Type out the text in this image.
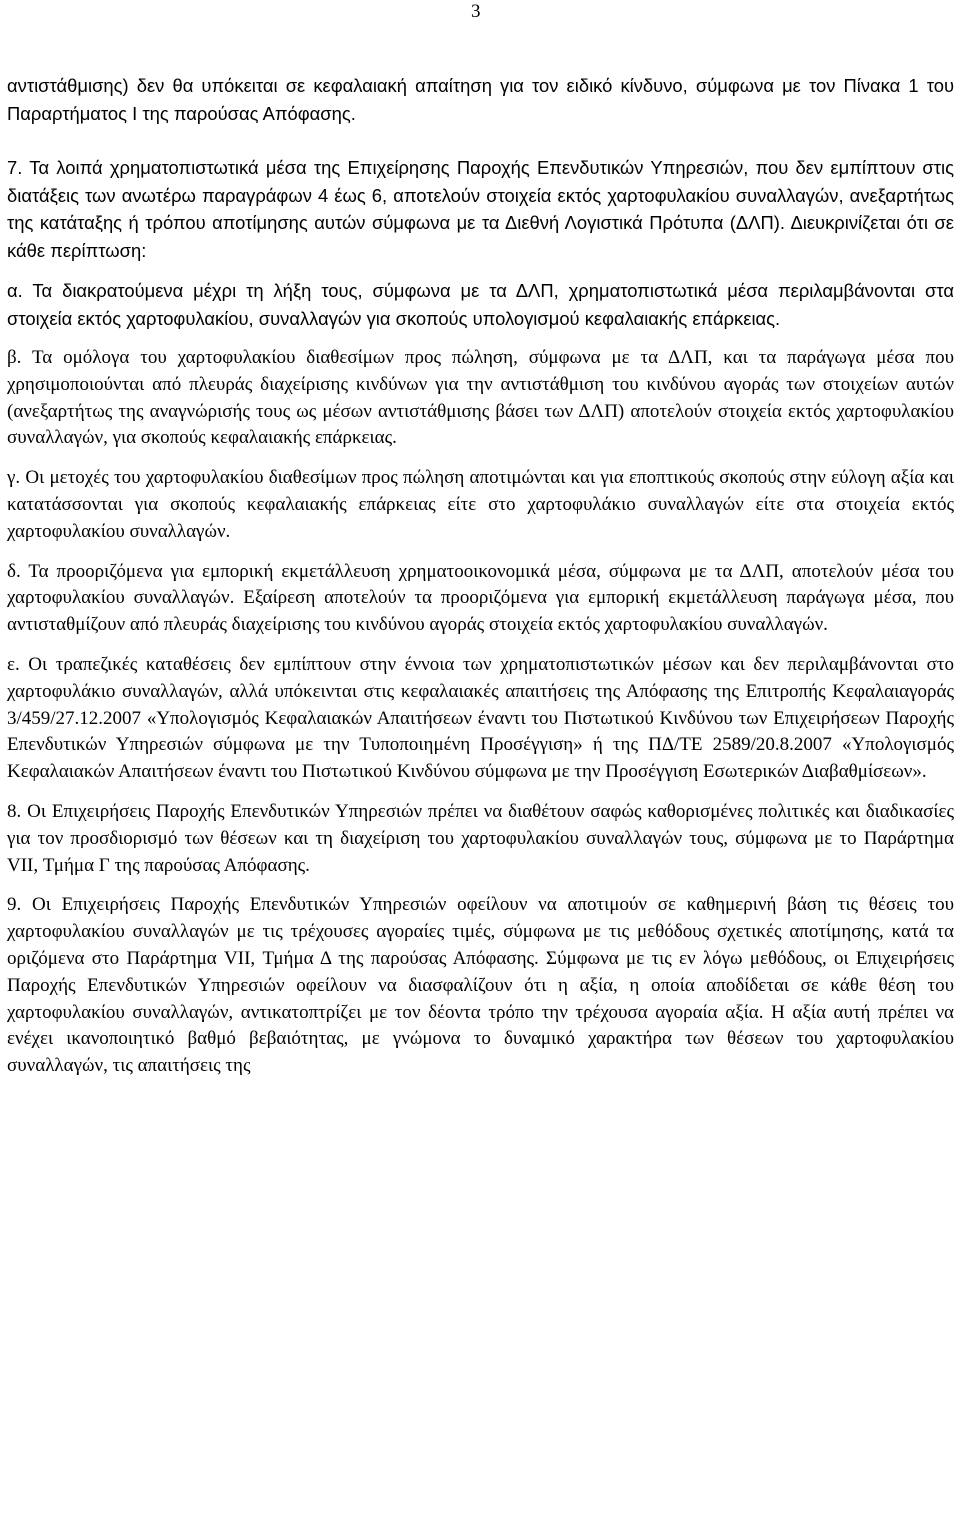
3

αντιστάθμισης) δεν θα υπόκειται σε κεφαλαιακή απαίτηση για τον ειδικό κίνδυνο, σύμφωνα με τον Πίνακα 1 του Παραρτήματος Ι της παρούσας Απόφασης.

7. Τα λοιπά χρηματοπιστωτικά μέσα της Επιχείρησης Παροχής Επενδυτικών Υπηρεσιών, που δεν εμπίπτουν στις διατάξεις των ανωτέρω παραγράφων 4 έως 6, αποτελούν στοιχεία εκτός χαρτοφυλακίου συναλλαγών, ανεξαρτήτως της κατάταξης ή τρόπου αποτίμησης αυτών σύμφωνα με τα Διεθνή Λογιστικά Πρότυπα (ΔΛΠ). Διευκρινίζεται ότι σε κάθε περίπτωση:

α. Τα διακρατούμενα μέχρι τη λήξη τους, σύμφωνα με τα ΔΛΠ, χρηματοπιστωτικά μέσα περιλαμβάνονται στα στοιχεία εκτός χαρτοφυλακίου, συναλλαγών για σκοπούς υπολογισμού κεφαλαιακής επάρκειας.

β. Τα ομόλογα του χαρτοφυλακίου διαθεσίμων προς πώληση, σύμφωνα με τα ΔΛΠ, και τα παράγωγα μέσα που χρησιμοποιούνται από πλευράς διαχείρισης κινδύνων για την αντιστάθμιση του κινδύνου αγοράς των στοιχείων αυτών (ανεξαρτήτως της αναγνώρισής τους ως μέσων αντιστάθμισης βάσει των ΔΛΠ) αποτελούν στοιχεία εκτός χαρτοφυλακίου συναλλαγών, για σκοπούς κεφαλαιακής επάρκειας.

γ. Οι μετοχές του χαρτοφυλακίου διαθεσίμων προς πώληση αποτιμώνται και για εποπτικούς σκοπούς στην εύλογη αξία και κατατάσσονται για σκοπούς κεφαλαιακής επάρκειας είτε στο χαρτοφυλάκιο συναλλαγών είτε στα στοιχεία εκτός χαρτοφυλακίου συναλλαγών.

δ. Τα προοριζόμενα για εμπορική εκμετάλλευση χρηματοοικονομικά μέσα, σύμφωνα με τα ΔΛΠ, αποτελούν μέσα του χαρτοφυλακίου συναλλαγών. Εξαίρεση αποτελούν τα προοριζόμενα για εμπορική εκμετάλλευση παράγωγα μέσα, που αντισταθμίζουν από πλευράς διαχείρισης του κινδύνου αγοράς στοιχεία εκτός χαρτοφυλακίου συναλλαγών.

ε. Οι τραπεζικές καταθέσεις δεν εμπίπτουν στην έννοια των χρηματοπιστωτικών μέσων και δεν περιλαμβάνονται στο χαρτοφυλάκιο συναλλαγών, αλλά υπόκεινται στις κεφαλαιακές απαιτήσεις της Απόφασης της Επιτροπής Κεφαλαιαγοράς 3/459/27.12.2007 «Υπολογισμός Κεφαλαιακών Απαιτήσεων έναντι του Πιστωτικού Κινδύνου των Επιχειρήσεων Παροχής Επενδυτικών Υπηρεσιών σύμφωνα με την Τυποποιημένη Προσέγγιση» ή της ΠΔ/ΤΕ 2589/20.8.2007 «Υπολογισμός Κεφαλαιακών Απαιτήσεων έναντι του Πιστωτικού Κινδύνου σύμφωνα με την Προσέγγιση Εσωτερικών Διαβαθμίσεων».

8. Οι Επιχειρήσεις Παροχής Επενδυτικών Υπηρεσιών πρέπει να διαθέτουν σαφώς καθορισμένες πολιτικές και διαδικασίες για τον προσδιορισμό των θέσεων και τη διαχείριση του χαρτοφυλακίου συναλλαγών τους, σύμφωνα με το Παράρτημα VII, Τμήμα Γ της παρούσας Απόφασης.

9. Οι Επιχειρήσεις Παροχής Επενδυτικών Υπηρεσιών οφείλουν να αποτιμούν σε καθημερινή βάση τις θέσεις του χαρτοφυλακίου συναλλαγών με τις τρέχουσες αγοραίες τιμές, σύμφωνα με τις μεθόδους σχετικές αποτίμησης, κατά τα οριζόμενα στο Παράρτημα VII, Τμήμα Δ της παρούσας Απόφασης. Σύμφωνα με τις εν λόγω μεθόδους, οι Επιχειρήσεις Παροχής Επενδυτικών Υπηρεσιών οφείλουν να διασφαλίζουν ότι η αξία, η οποία αποδίδεται σε κάθε θέση του χαρτοφυλακίου συναλλαγών, αντικατοπτρίζει με τον δέοντα τρόπο την τρέχουσα αγοραία αξία. Η αξία αυτή πρέπει να ενέχει ικανοποιητικό βαθμό βεβαιότητας, με γνώμονα το δυναμικό χαρακτήρα των θέσεων του χαρτοφυλακίου συναλλαγών, τις απαιτήσεις της
